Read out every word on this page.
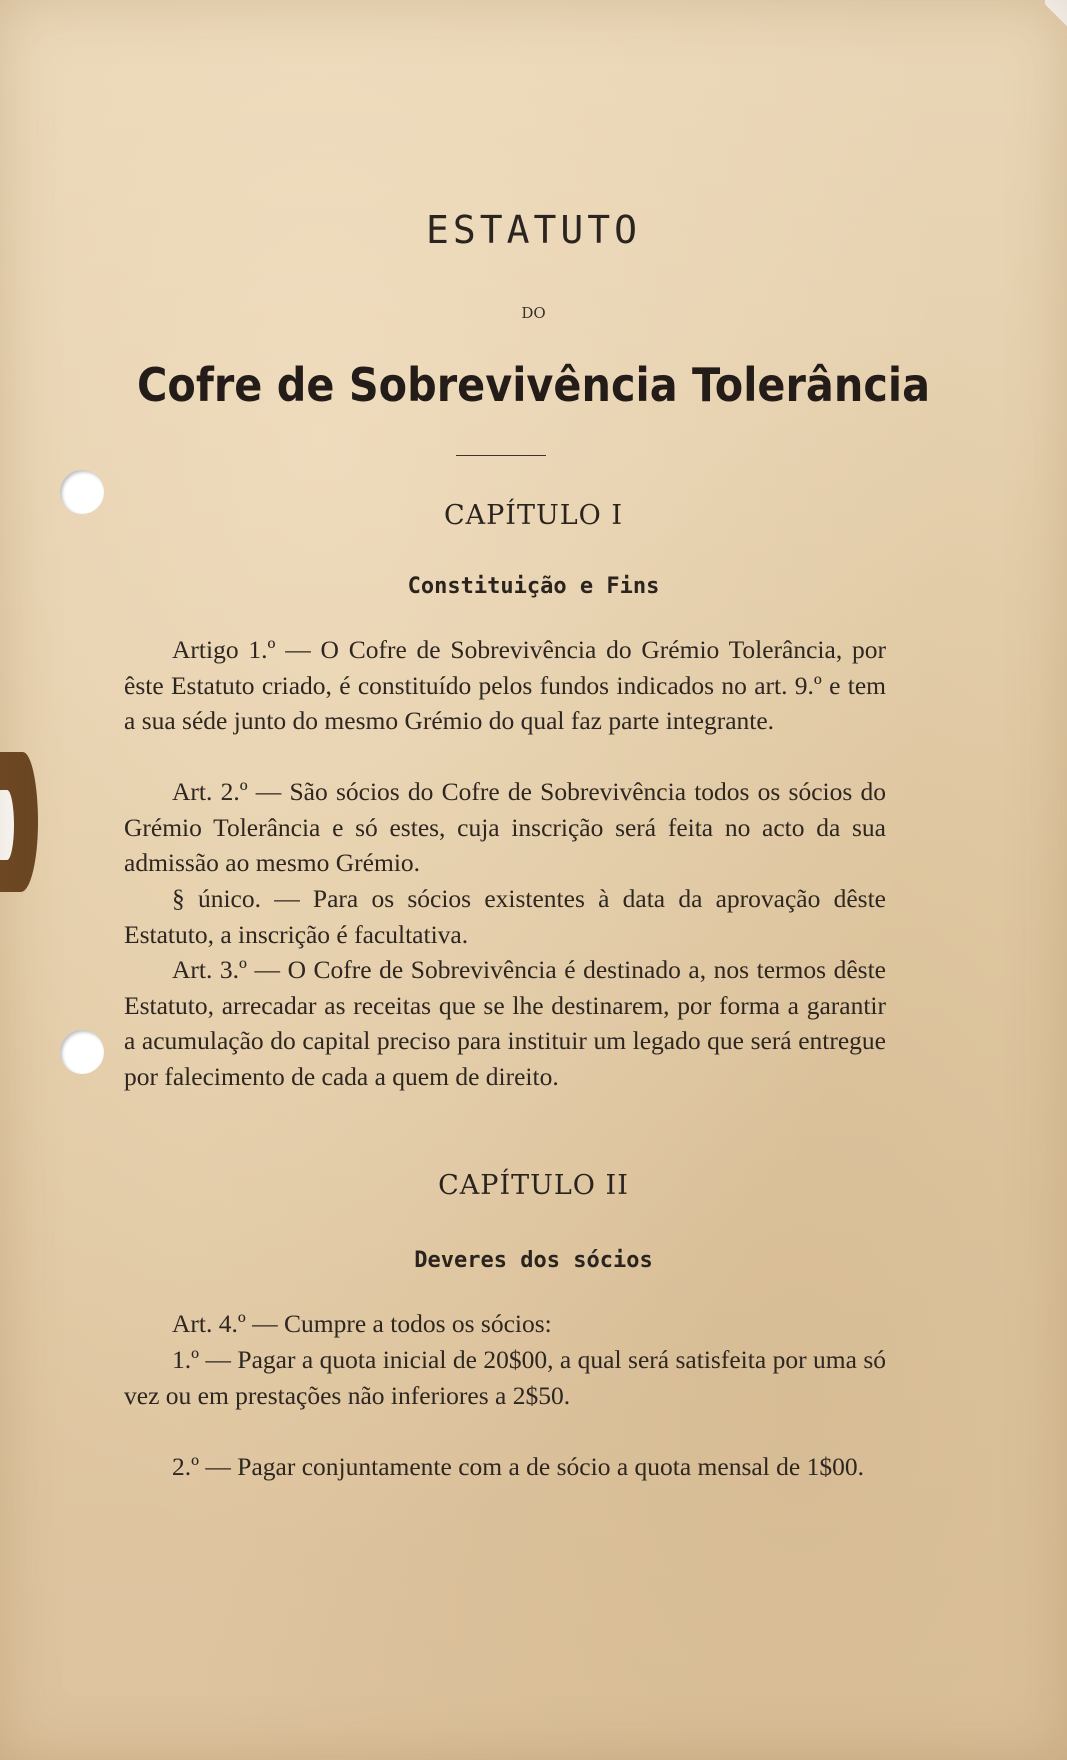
ESTATUTO
DO
Cofre de Sobrevivência Tolerância
CAPÍTULO I
Constituição e Fins

Artigo 1.º — O Cofre de Sobrevivência do Grémio Tolerância, por êste Estatuto criado, é constituído pelos fundos indicados no art. 9.º e tem a sua séde junto do mesmo Grémio do qual faz parte integrante.

Art. 2.º — São sócios do Cofre de Sobrevivência todos os sócios do Grémio Tolerância e só estes, cuja inscrição será feita no acto da sua admissão ao mesmo Grémio.

§ único. — Para os sócios existentes à data da aprovação dêste Estatuto, a inscrição é facultativa.

Art. 3.º — O Cofre de Sobrevivência é destinado a, nos termos dêste Estatuto, arrecadar as receitas que se lhe destinarem, por forma a garantir a acumulação do capital preciso para instituir um legado que será entregue por falecimento de cada a quem de direito.

CAPÍTULO II
Deveres dos sócios

Art. 4.º — Cumpre a todos os sócios:

1.º — Pagar a quota inicial de 20$00, a qual será satisfeita por uma só vez ou em prestações não inferiores a 2$50.

2.º — Pagar conjuntamente com a de sócio a quota mensal de 1$00.
